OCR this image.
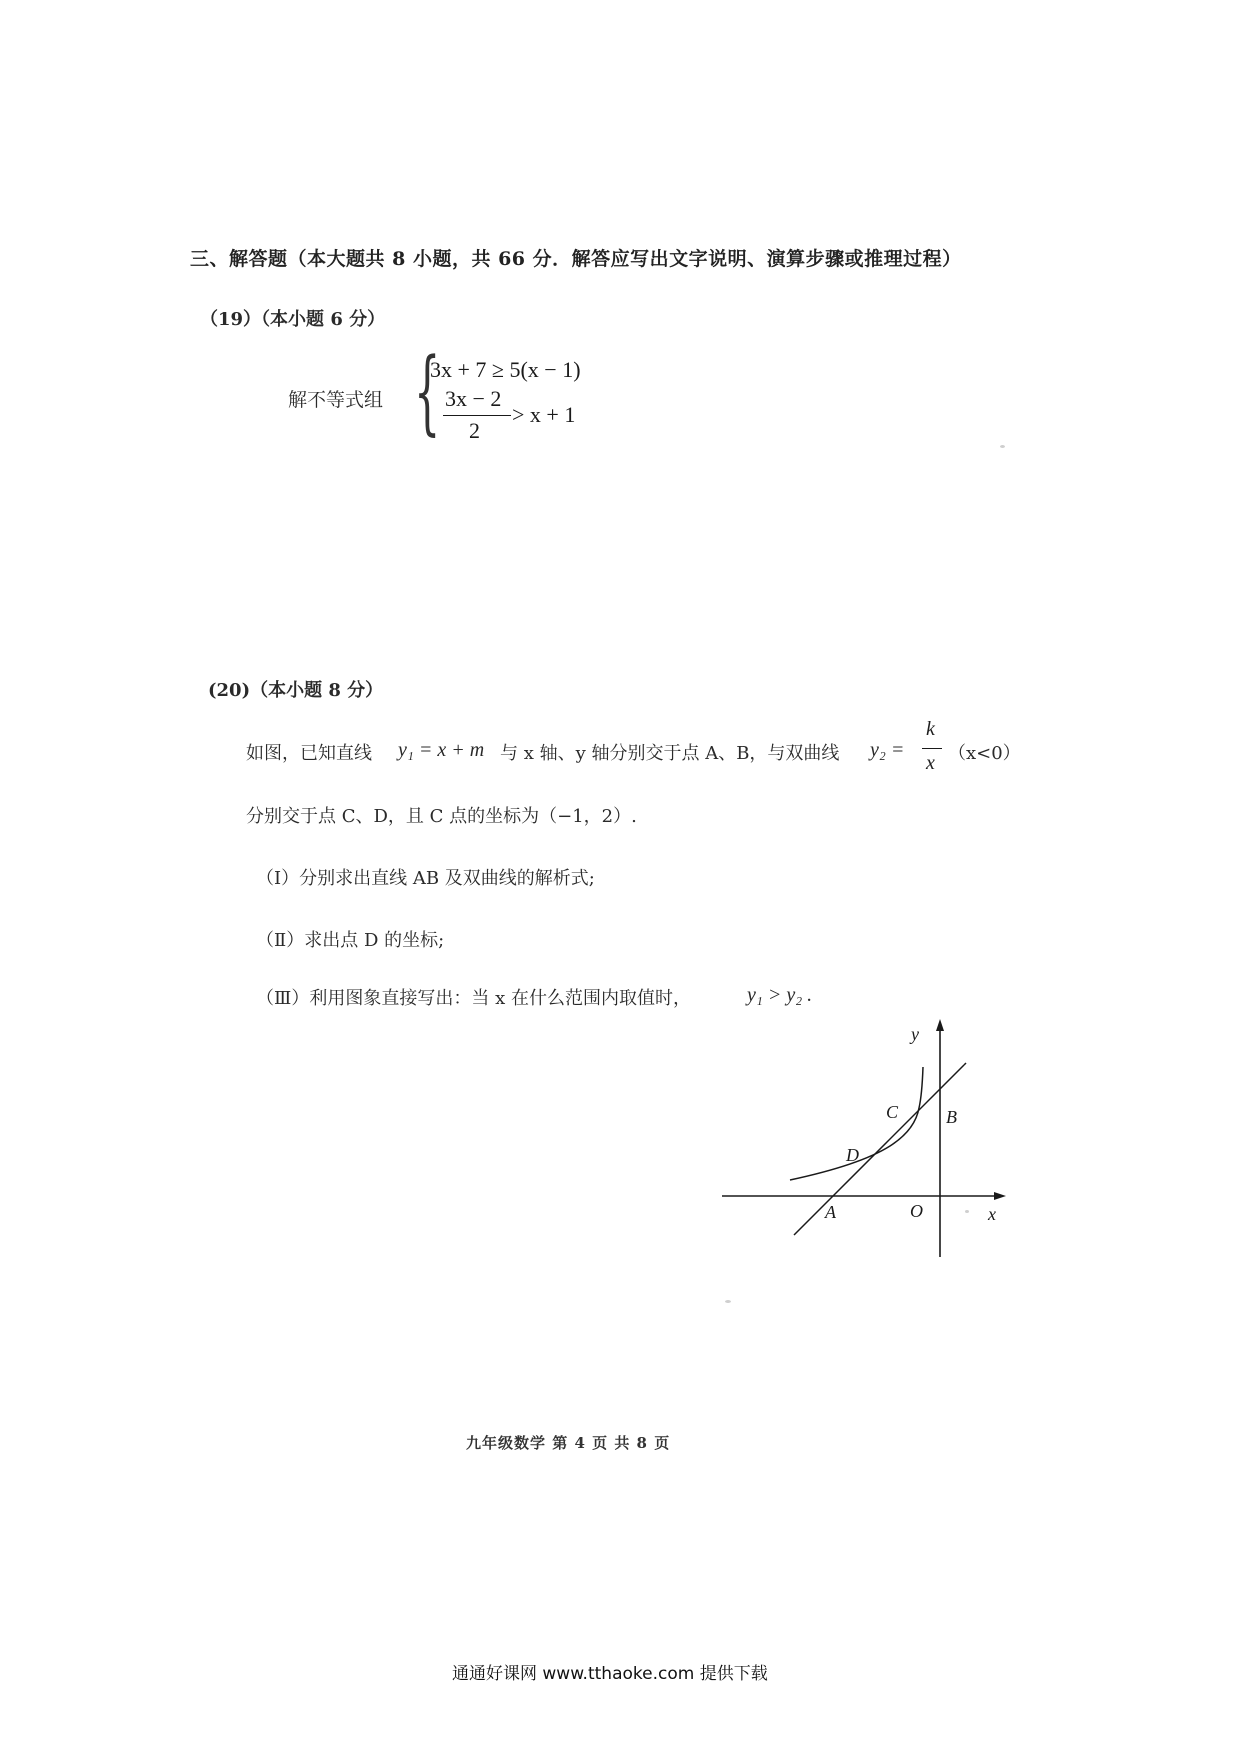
三、解答题（本大题共 8 小题，共 66 分．解答应写出文字说明、演算步骤或推理过程）
（19）（本小题 6 分）
解不等式组 {
3x + 7 ≥ 5(x − 1)
3x − 2
2
> x + 1
(20)（本小题 8 分）
如图，已知直线 y₁ = x + m 与 x 轴、y 轴分别交于点 A、B，与双曲线 y₂ =
k
x （x<0）
分别交于点 C、D，且 C 点的坐标为（−1，2）.
（Ⅰ）分别求出直线 AB 及双曲线的解析式;
（Ⅱ）求出点 D 的坐标;
（Ⅲ）利用图象直接写出：当 x 在什么范围内取值时，	y₁ > y₂ .
y
x
O
A
B
C
D
九年级数学 第 4 页 共 8 页
通通好课网 www.tthaoke.com 提供下载
